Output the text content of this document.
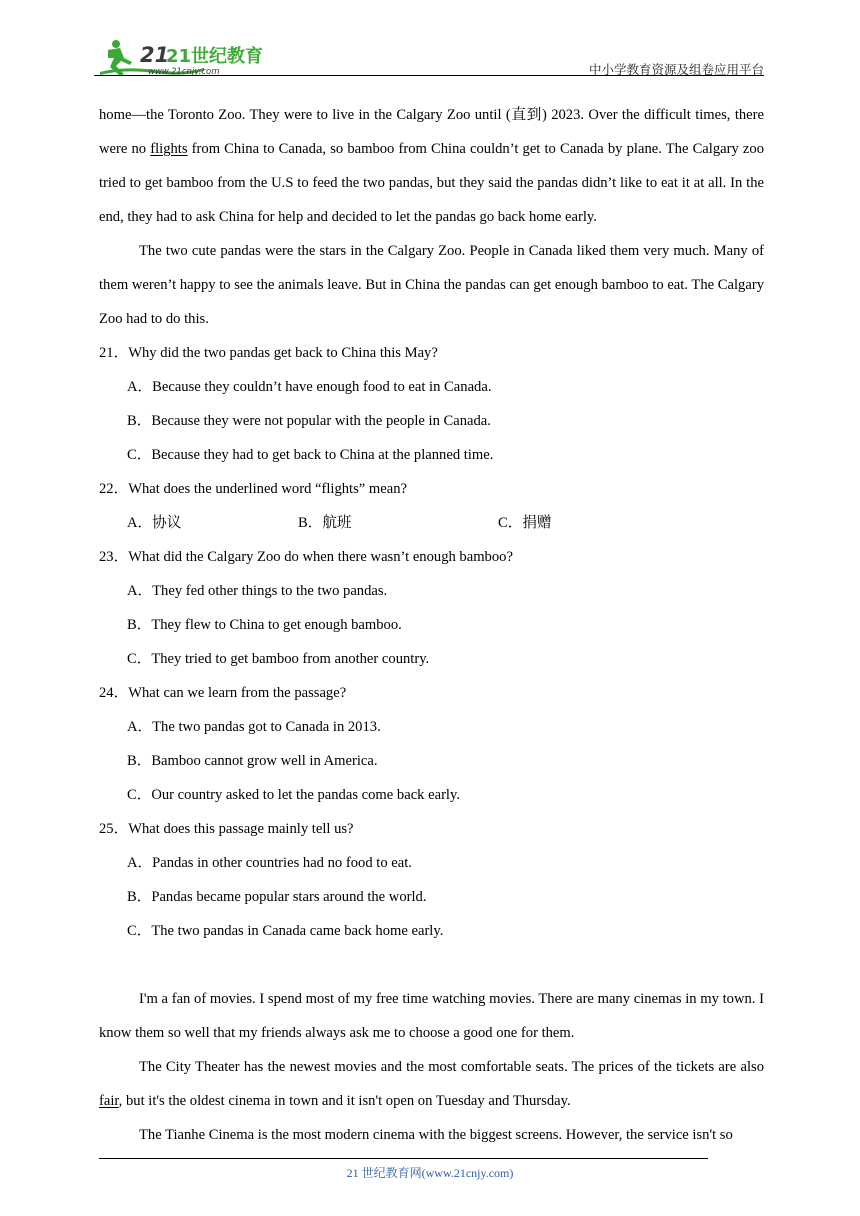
21
21世纪教育
www.21cnjy.com	中小学教育资源及组卷应用平台

home—the Toronto Zoo. They were to live in the Calgary Zoo until (直到) 2023. Over the difficult times, there were no flights from China to Canada, so bamboo from China couldn’t get to Canada by plane. The Calgary zoo tried to get bamboo from the U.S to feed the two pandas, but they said the pandas didn’t like to eat it at all. In the end, they had to ask China for help and decided to let the pandas go back home early.

The two cute pandas were the stars in the Calgary Zoo. People in Canada liked them very much. Many of them weren’t happy to see the animals leave. But in China the pandas can get enough bamboo to eat. The Calgary Zoo had to do this.

21．Why did the two pandas get back to China this May?

A．Because they couldn’t have enough food to eat in Canada.

B．Because they were not popular with the people in Canada.

C．Because they had to get back to China at the planned time.

22．What does the underlined word “flights” mean?

A．协议	B．航班	C．捐赠

23．What did the Calgary Zoo do when there wasn’t enough bamboo?

A．They fed other things to the two pandas.

B．They flew to China to get enough bamboo.

C．They tried to get bamboo from another country.

24．What can we learn from the passage?

A．The two pandas got to Canada in 2013.

B．Bamboo cannot grow well in America.

C．Our country asked to let the pandas come back early.

25．What does this passage mainly tell us?

A．Pandas in other countries had no food to eat.

B．Pandas became popular stars around the world.

C．The two pandas in Canada came back home early.

I'm a fan of movies. I spend most of my free time watching movies. There are many cinemas in my town. I know them so well that my friends always ask me to choose a good one for them.

The City Theater has the newest movies and the most comfortable seats. The prices of the tickets are also fair, but it's the oldest cinema in town and it isn't open on Tuesday and Thursday.

The Tianhe Cinema is the most modern cinema with the biggest screens. However, the service isn't so

21 世纪教育网(www.21cnjy.com)
